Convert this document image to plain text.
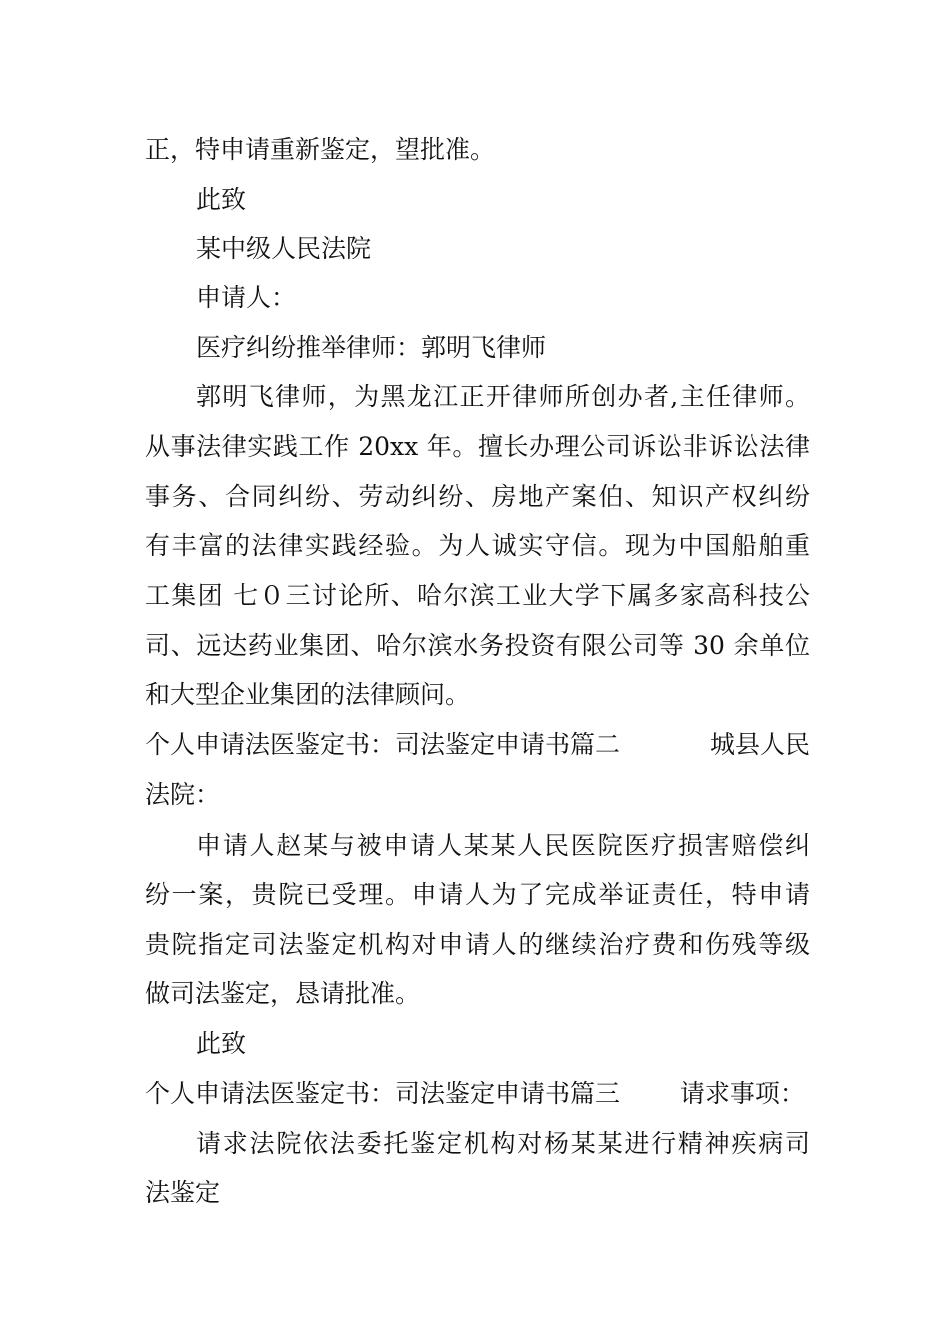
正，特申请重新鉴定，望批准。
此致
某中级人民法院
申请人：
医疗纠纷推举律师：郭明飞律师
郭明飞律师，为黑龙江正开律师所创办者,主任律师。
从事法律实践工作 20xx 年。擅长办理公司诉讼非诉讼法律
事务、合同纠纷、劳动纠纷、房地产案伯、知识产权纠纷
有丰富的法律实践经验。为人诚实守信。现为中国船舶重
工集团 七０三讨论所、哈尔滨工业大学下属多家高科技公
司、远达药业集团、哈尔滨水务投资有限公司等 30 余单位
和大型企业集团的法律顾问。
个人申请法医鉴定书：司法鉴定申请书篇二	城县人民
法院：
申请人赵某与被申请人某某人民医院医疗损害赔偿纠
纷一案，贵院已受理。申请人为了完成举证责任，特申请
贵院指定司法鉴定机构对申请人的继续治疗费和伤残等级
做司法鉴定，恳请批准。
此致
个人申请法医鉴定书：司法鉴定申请书篇三 请求事项：
请求法院依法委托鉴定机构对杨某某进行精神疾病司
法鉴定
